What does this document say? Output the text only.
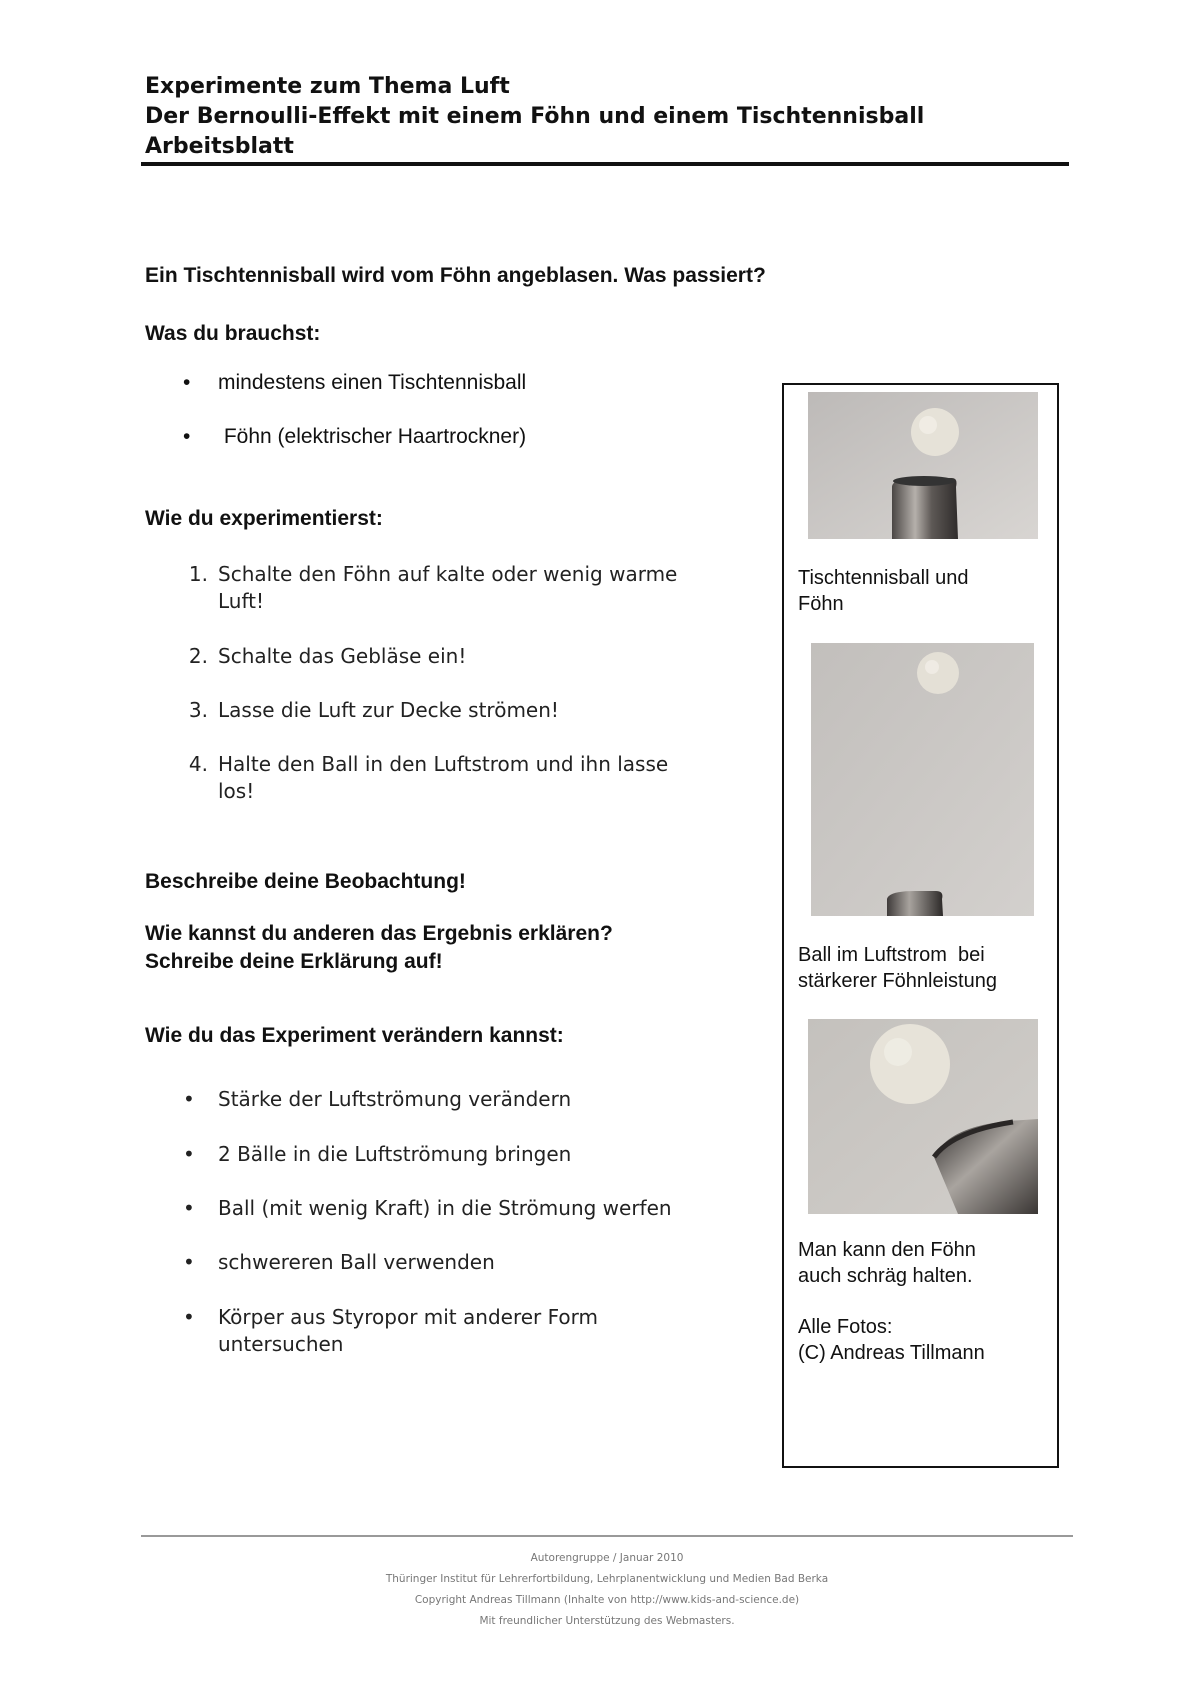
Experimente zum Thema Luft
Der Bernoulli-Effekt mit einem Föhn und einem Tischtennisball
Arbeitsblatt
Ein Tischtennisball wird vom Föhn angeblasen. Was passiert?
Was du brauchst:
•	mindestens einen Tischtennisball
•	Föhn (elektrischer Haartrockner)
Wie du experimentierst:
1. Schalte den Föhn auf kalte oder wenig warme
Luft!
2. Schalte das Gebläse ein!
3. Lasse die Luft zur Decke strömen!
4. Halte den Ball in den Luftstrom und ihn lasse
los!
Beschreibe deine Beobachtung!
Wie kannst du anderen das Ergebnis erklären?
Schreibe deine Erklärung auf!
Wie du das Experiment verändern kannst:
•	Stärke der Luftströmung verändern
•	2 Bälle in die Luftströmung bringen
•	Ball (mit wenig Kraft) in die Strömung werfen
•	schwereren Ball verwenden
•	Körper aus Styropor mit anderer Form
untersuchen
Tischtennisball und
Föhn
Ball im Luftstrom  bei
stärkerer Föhnleistung
Man kann den Föhn
auch schräg halten.
Alle Fotos:
(C) Andreas Tillmann
Autorengruppe / Januar 2010
Thüringer Institut für Lehrerfortbildung, Lehrplanentwicklung und Medien Bad Berka
Copyright Andreas Tillmann (Inhalte von http://www.kids-and-science.de)
Mit freundlicher Unterstützung des Webmasters.
